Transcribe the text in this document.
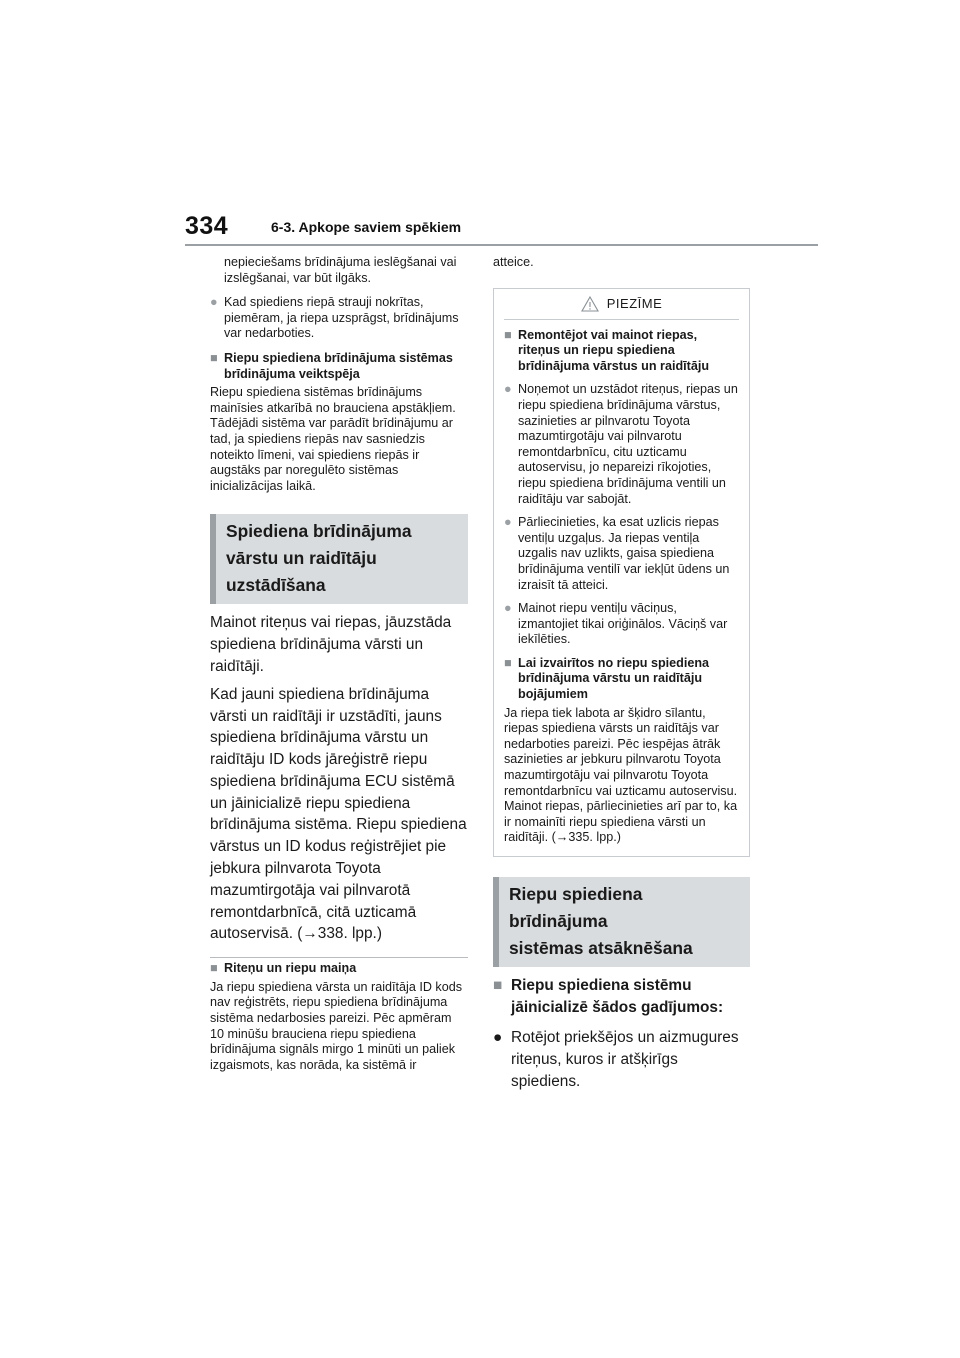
334	6-3. Apkope saviem spēkiem

nepieciešams brīdinājuma ieslēgšanai vai izslēgšanai, var būt ilgāks.

● Kad spiediens riepā strauji nokrītas, piemēram, ja riepa uzsprāgst, brīdinājums var nedarboties.
■ Riepu spiediena brīdinājuma sistēmas brīdinājuma veiktspēja

Riepu spiediena sistēmas brīdinājums mainīsies atkarībā no brauciena apstākļiem. Tādējādi sistēma var parādīt brīdinājumu ar tad, ja spiediens riepās nav sasniedzis noteikto līmeni, vai spiediens riepās ir augstāks par noregulēto sistēmas inicializācijas laikā.

Spiediena brīdinājuma
vārstu un raidītāju
uzstādīšana

Mainot riteņus vai riepas, jāuzstāda spiediena brīdinājuma vārsti un raidītāji.

Kad jauni spiediena brīdinājuma vārsti un raidītāji ir uzstādīti, jauns spiediena brīdinājuma vārstu un raidītāju ID kods jāreģistrē riepu spiediena brīdinājuma ECU sistēmā un jāinicializē riepu spiediena brīdinājuma sistēma. Riepu spiediena vārstus un ID kodus reģistrējiet pie jebkura pilnvarota Toyota mazumtirgotāja vai pilnvarotā remontdarbnīcā, citā uzticamā autoservisā. (→338. lpp.)

■ Riteņu un riepu maiņa

Ja riepu spiediena vārsta un raidītāja ID kods nav reģistrēts, riepu spiediena brīdinājuma sistēma nedarbosies pareizi. Pēc apmēram 10 minūšu brauciena riepu spiediena brīdinājuma signāls mirgo 1 minūti un paliek izgaismots, kas norāda, ka sistēmā ir

atteice.

PIEZĪME
■ Remontējot vai mainot riepas, riteņus un riepu spiediena brīdinājuma vārstus un raidītāju
● Noņemot un uzstādot riteņus, riepas un riepu spiediena brīdinājuma vārstus, sazinieties ar pilnvarotu Toyota mazumtirgotāju vai pilnvarotu remontdarbnīcu, citu uzticamu autoservisu, jo nepareizi rīkojoties, riepu spiediena brīdinājuma ventili un raidītāju var sabojāt.
● Pārliecinieties, ka esat uzlicis riepas ventiļu uzgaļus. Ja riepas ventiļa uzgalis nav uzlikts, gaisa spiediena brīdinājuma ventilī var iekļūt ūdens un izraisīt tā atteici.
● Mainot riepu ventiļu vāciņus, izmantojiet tikai oriģinālos. Vāciņš var iekīlēties.
■ Lai izvairītos no riepu spiediena brīdinājuma vārstu un raidītāju bojājumiem

Ja riepa tiek labota ar šķidro sīlantu, riepas spiediena vārsts un raidītājs var nedarboties pareizi. Pēc iespējas ātrāk sazinieties ar jebkuru pilnvarotu Toyota mazumtirgotāju vai pilnvarotu Toyota remontdarbnīcu vai uzticamu autoservisu. Mainot riepas, pārliecinieties arī par to, ka ir nomainīti riepu spiediena vārsti un raidītāji. (→335. lpp.)

Riepu spiediena brīdinājuma
sistēmas atsāknēšana
■ Riepu spiediena sistēmu jāinicializē šādos gadījumos:
● Rotējot priekšējos un aizmugures riteņus, kuros ir atšķirīgs spiediens.
